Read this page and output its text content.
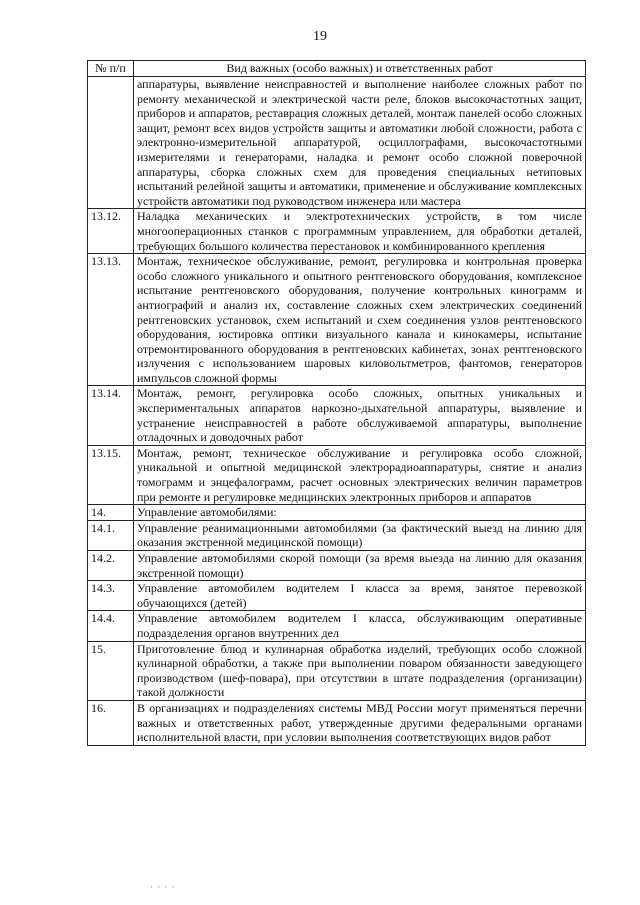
19
№ п/п	Вид важных (особо важных) и ответственных работ
	аппаратуры, выявление неисправностей и выполнение наиболее сложных работ по ремонту механической и электрической части реле, блоков высокочастотных защит, приборов и аппаратов, реставрация сложных деталей, монтаж панелей особо сложных защит, ремонт всех видов устройств защиты и автоматики любой сложности, работа с электронно-измерительной аппаратурой, осциллографами, высокочастотными измерителями и генераторами, наладка и ремонт особо сложной поверочной аппаратуры, сборка сложных схем для проведения специальных нетиповых испытаний релейной защиты и автоматики, применение и обслуживание комплексных устройств автоматики под руководством инженера или мастера
13.12.	Наладка механических и электротехнических устройств, в том числе многооперационных станков с программным управлением, для обработки деталей, требующих большого количества перестановок и комбинированного крепления
13.13.	Монтаж, техническое обслуживание, ремонт, регулировка и контрольная проверка особо сложного уникального и опытного рентгеновского оборудования, комплексное испытание рентгеновского оборудования, получение контрольных кинограмм и антиографий и анализ их, составление сложных схем электрических соединений рентгеновских установок, схем испытаний и схем соединения узлов рентгеновского оборудования, юстировка оптики визуального канала и кинокамеры, испытание отремонтированного оборудования в рентгеновских кабинетах, зонах рентгеновского излучения с использованием шаровых киловольтметров, фантомов, генераторов импульсов сложной формы
13.14.	Монтаж, ремонт, регулировка особо сложных, опытных уникальных и экспериментальных аппаратов наркозно-дыхательной аппаратуры, выявление и устранение неисправностей в работе обслуживаемой аппаратуры, выполнение отладочных и доводочных работ
13.15.	Монтаж, ремонт, техническое обслуживание и регулировка особо сложной, уникальной и опытной медицинской электрорадиоаппаратуры, снятие и анализ томограмм и энцефалограмм, расчет основных электрических величин параметров при ремонте и регулировке медицинских электронных приборов и аппаратов
14.	Управление автомобилями:
14.1.	Управление реанимационными автомобилями (за фактический выезд на линию для оказания экстренной медицинской помощи)
14.2.	Управление автомобилями скорой помощи (за время выезда на линию для оказания экстренной помощи)
14.3.	Управление автомобилем водителем I класса за время, занятое перевозкой обучающихся (детей)
14.4.	Управление автомобилем водителем I класса, обслуживающим оперативные подразделения органов внутренних дел
15.	Приготовление блюд и кулинарная обработка изделий, требующих особо сложной кулинарной обработки, а также при выполнении поваром обязанности заведующего производством (шеф-повара), при отсутствии в штате подразделения (организации) такой должности
16.	В организациях и подразделениях системы МВД России могут применяться перечни важных и ответственных работ, утвержденные другими федеральными органами исполнительной власти, при условии выполнения соответствующих видов работ
· · · ·
